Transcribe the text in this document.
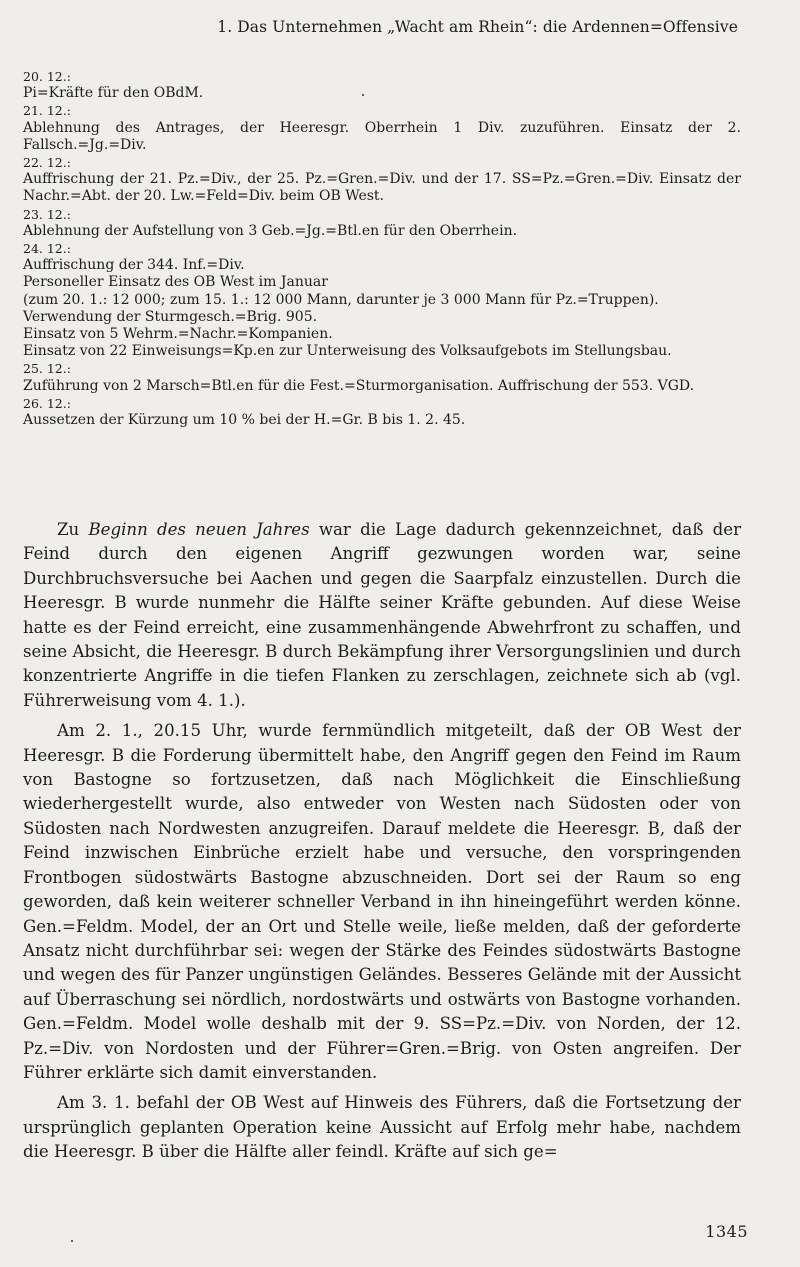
1. Das Unternehmen „Wacht am Rhein“: die Ardennen=Offensive
20. 12.:
Pi=Kräfte für den OBdM.
21. 12.:
Ablehnung des Antrages, der Heeresgr. Oberrhein 1 Div. zuzuführen. Einsatz der 2. Fallsch.=Jg.=Div.
22. 12.:
Auffrischung der 21. Pz.=Div., der 25. Pz.=Gren.=Div. und der 17. SS=Pz.=Gren.=Div. Einsatz der Nachr.=Abt. der 20. Lw.=Feld=Div. beim OB West.
23. 12.:
Ablehnung der Aufstellung von 3 Geb.=Jg.=Btl.en für den Oberrhein.
24. 12.:
Auffrischung der 344. Inf.=Div.
Personeller Einsatz des OB West im Januar
(zum 20. 1.: 12 000; zum 15. 1.: 12 000 Mann, darunter je 3 000 Mann für Pz.=Truppen).
Verwendung der Sturmgesch.=Brig. 905.
Einsatz von 5 Wehrm.=Nachr.=Kompanien.
Einsatz von 22 Einweisungs=Kp.en zur Unterweisung des Volksaufgebots im Stellungsbau.
25. 12.:
Zuführung von 2 Marsch=Btl.en für die Fest.=Sturmorganisation. Auffrischung der 553. VGD.
26. 12.:
Aussetzen der Kürzung um 10 % bei der H.=Gr. B bis 1. 2. 45.

Zu Beginn des neuen Jahres war die Lage dadurch gekennzeichnet, daß der Feind durch den eigenen Angriff gezwungen worden war, seine Durchbruchsversuche bei Aachen und gegen die Saarpfalz einzustellen. Durch die Heeresgr. B wurde nunmehr die Hälfte seiner Kräfte gebunden. Auf diese Weise hatte es der Feind erreicht, eine zusammenhängende Abwehrfront zu schaffen, und seine Absicht, die Heeresgr. B durch Bekämpfung ihrer Versorgungslinien und durch konzentrierte Angriffe in die tiefen Flanken zu zerschlagen, zeichnete sich ab (vgl. Führerweisung vom 4. 1.).

Am 2. 1., 20.15 Uhr, wurde fernmündlich mitgeteilt, daß der OB West der Heeresgr. B die Forderung übermittelt habe, den Angriff gegen den Feind im Raum von Bastogne so fortzusetzen, daß nach Möglichkeit die Einschließung wiederhergestellt wurde, also entweder von Westen nach Südosten oder von Südosten nach Nordwesten anzugreifen. Darauf meldete die Heeresgr. B, daß der Feind inzwischen Einbrüche erzielt habe und versuche, den vorspringenden Frontbogen südostwärts Bastogne abzuschneiden. Dort sei der Raum so eng geworden, daß kein weiterer schneller Verband in ihn hineingeführt werden könne. Gen.=Feldm. Model, der an Ort und Stelle weile, ließe melden, daß der geforderte Ansatz nicht durchführbar sei: wegen der Stärke des Feindes südostwärts Bastogne und wegen des für Panzer ungünstigen Geländes. Besseres Gelände mit der Aussicht auf Überraschung sei nördlich, nordostwärts und ostwärts von Bastogne vorhanden. Gen.=Feldm. Model wolle deshalb mit der 9. SS=Pz.=Div. von Norden, der 12. Pz.=Div. von Nordosten und der Führer=Gren.=Brig. von Osten angreifen. Der Führer erklärte sich damit einverstanden.

Am 3. 1. befahl der OB West auf Hinweis des Führers, daß die Fortsetzung der ursprünglich geplanten Operation keine Aussicht auf Erfolg mehr habe, nachdem die Heeresgr. B über die Hälfte aller feindl. Kräfte auf sich ge=

1345
